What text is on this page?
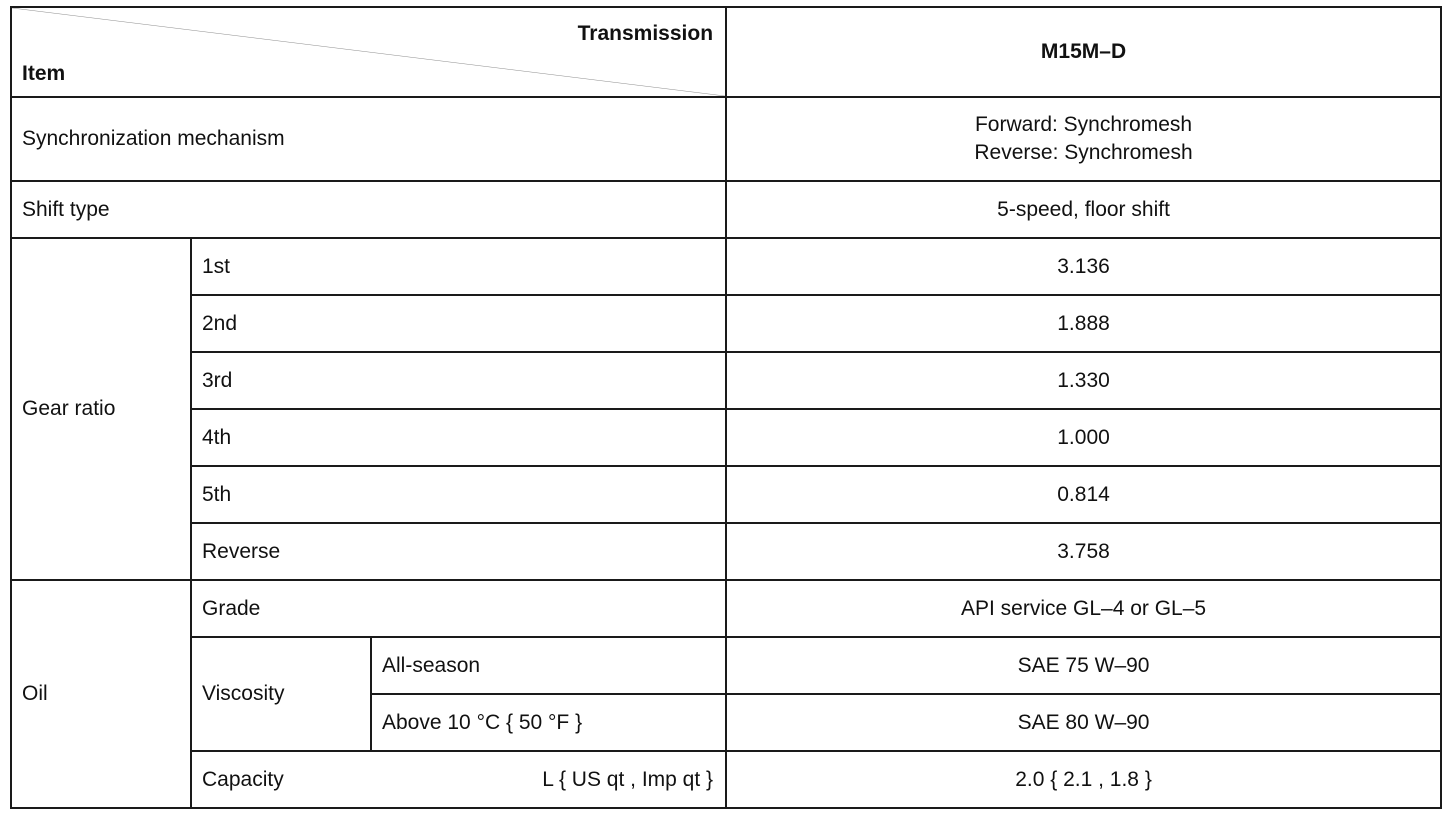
Transmission
Item			M15M–D
Synchronization mechanism			Forward: Synchromesh
Reverse: Synchromesh

Shift type			5-speed, floor shift
Gear ratio	1st		3.136
	2nd		1.888
	3rd		1.330
	4th		1.000
	5th		0.814
	Reverse		3.758
Oil	Grade		API service GL–4 or GL–5
	Viscosity	All-season	SAE 75 W–90
		Above 10 °C { 50 °F }	SAE 80 W–90

	Capacity L { US qt , Imp qt }		2.0 { 2.1 , 1.8 }
